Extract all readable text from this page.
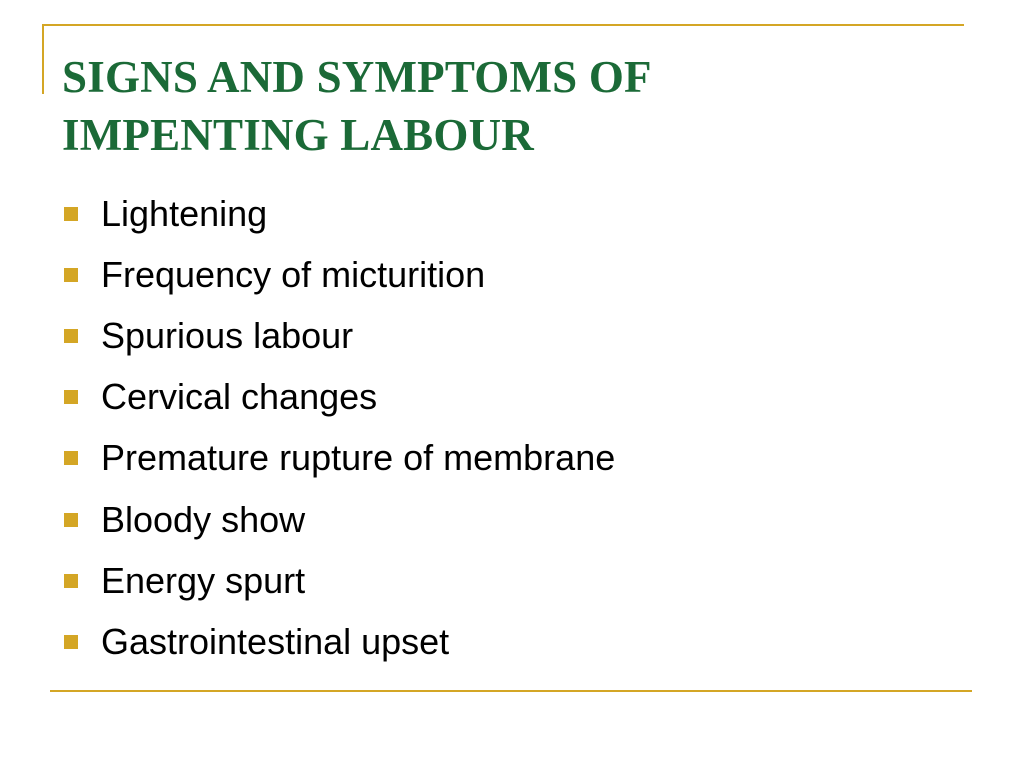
SIGNS AND SYMPTOMS OF
IMPENTING LABOUR
Lightening
Frequency of micturition
Spurious labour
Cervical changes
Premature rupture of membrane
Bloody show
Energy spurt
Gastrointestinal upset
